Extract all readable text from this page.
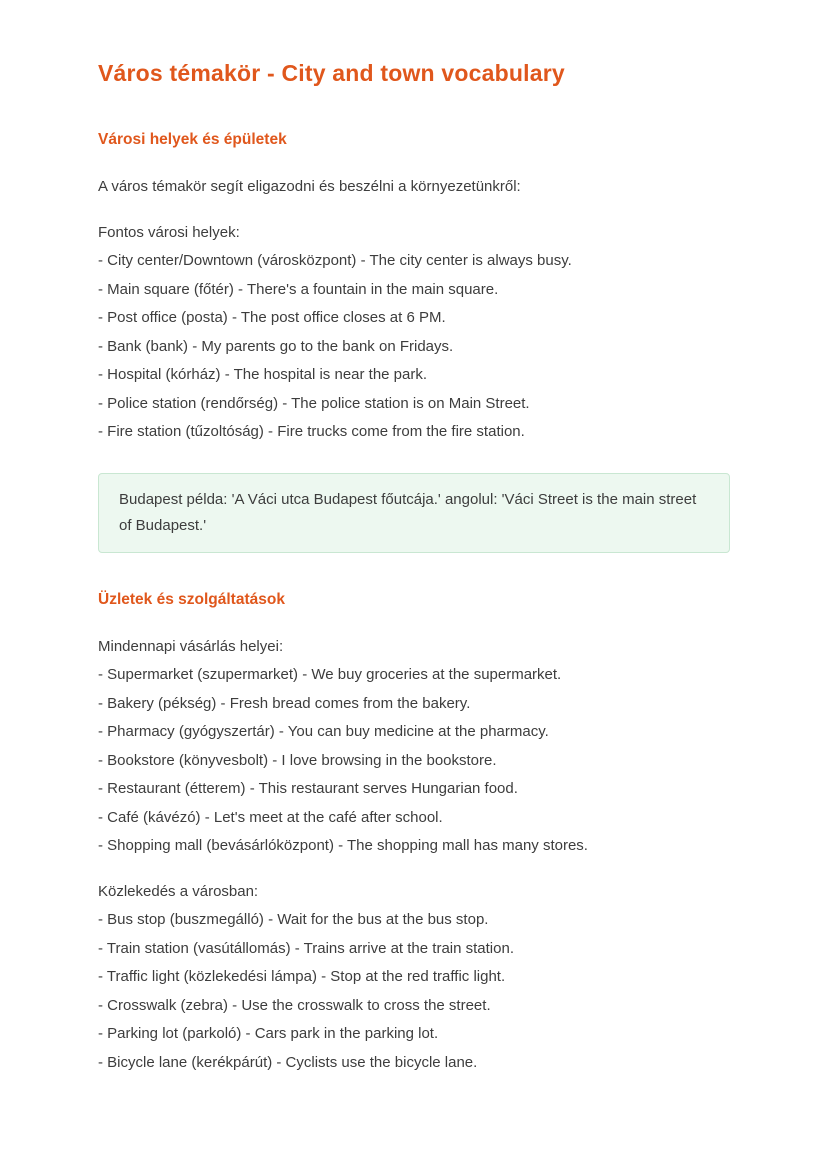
Város témakör - City and town vocabulary
Városi helyek és épületek

A város témakör segít eligazodni és beszélni a környezetünkről:

Fontos városi helyek:

- City center/Downtown (városközpont) - The city center is always busy.

- Main square (főtér) - There's a fountain in the main square.

- Post office (posta) - The post office closes at 6 PM.

- Bank (bank) - My parents go to the bank on Fridays.

- Hospital (kórház) - The hospital is near the park.

- Police station (rendőrség) - The police station is on Main Street.

- Fire station (tűzoltóság) - Fire trucks come from the fire station.

Budapest példa: 'A Váci utca Budapest főutcája.' angolul: 'Váci Street is the main street of Budapest.'

Üzletek és szolgáltatások

Mindennapi vásárlás helyei:

- Supermarket (szupermarket) - We buy groceries at the supermarket.

- Bakery (pékség) - Fresh bread comes from the bakery.

- Pharmacy (gyógyszertár) - You can buy medicine at the pharmacy.

- Bookstore (könyvesbolt) - I love browsing in the bookstore.

- Restaurant (étterem) - This restaurant serves Hungarian food.

- Café (kávézó) - Let's meet at the café after school.

- Shopping mall (bevásárlóközpont) - The shopping mall has many stores.

Közlekedés a városban:

- Bus stop (buszmegálló) - Wait for the bus at the bus stop.

- Train station (vasútállomás) - Trains arrive at the train station.

- Traffic light (közlekedési lámpa) - Stop at the red traffic light.

- Crosswalk (zebra) - Use the crosswalk to cross the street.

- Parking lot (parkoló) - Cars park in the parking lot.

- Bicycle lane (kerékpárút) - Cyclists use the bicycle lane.
